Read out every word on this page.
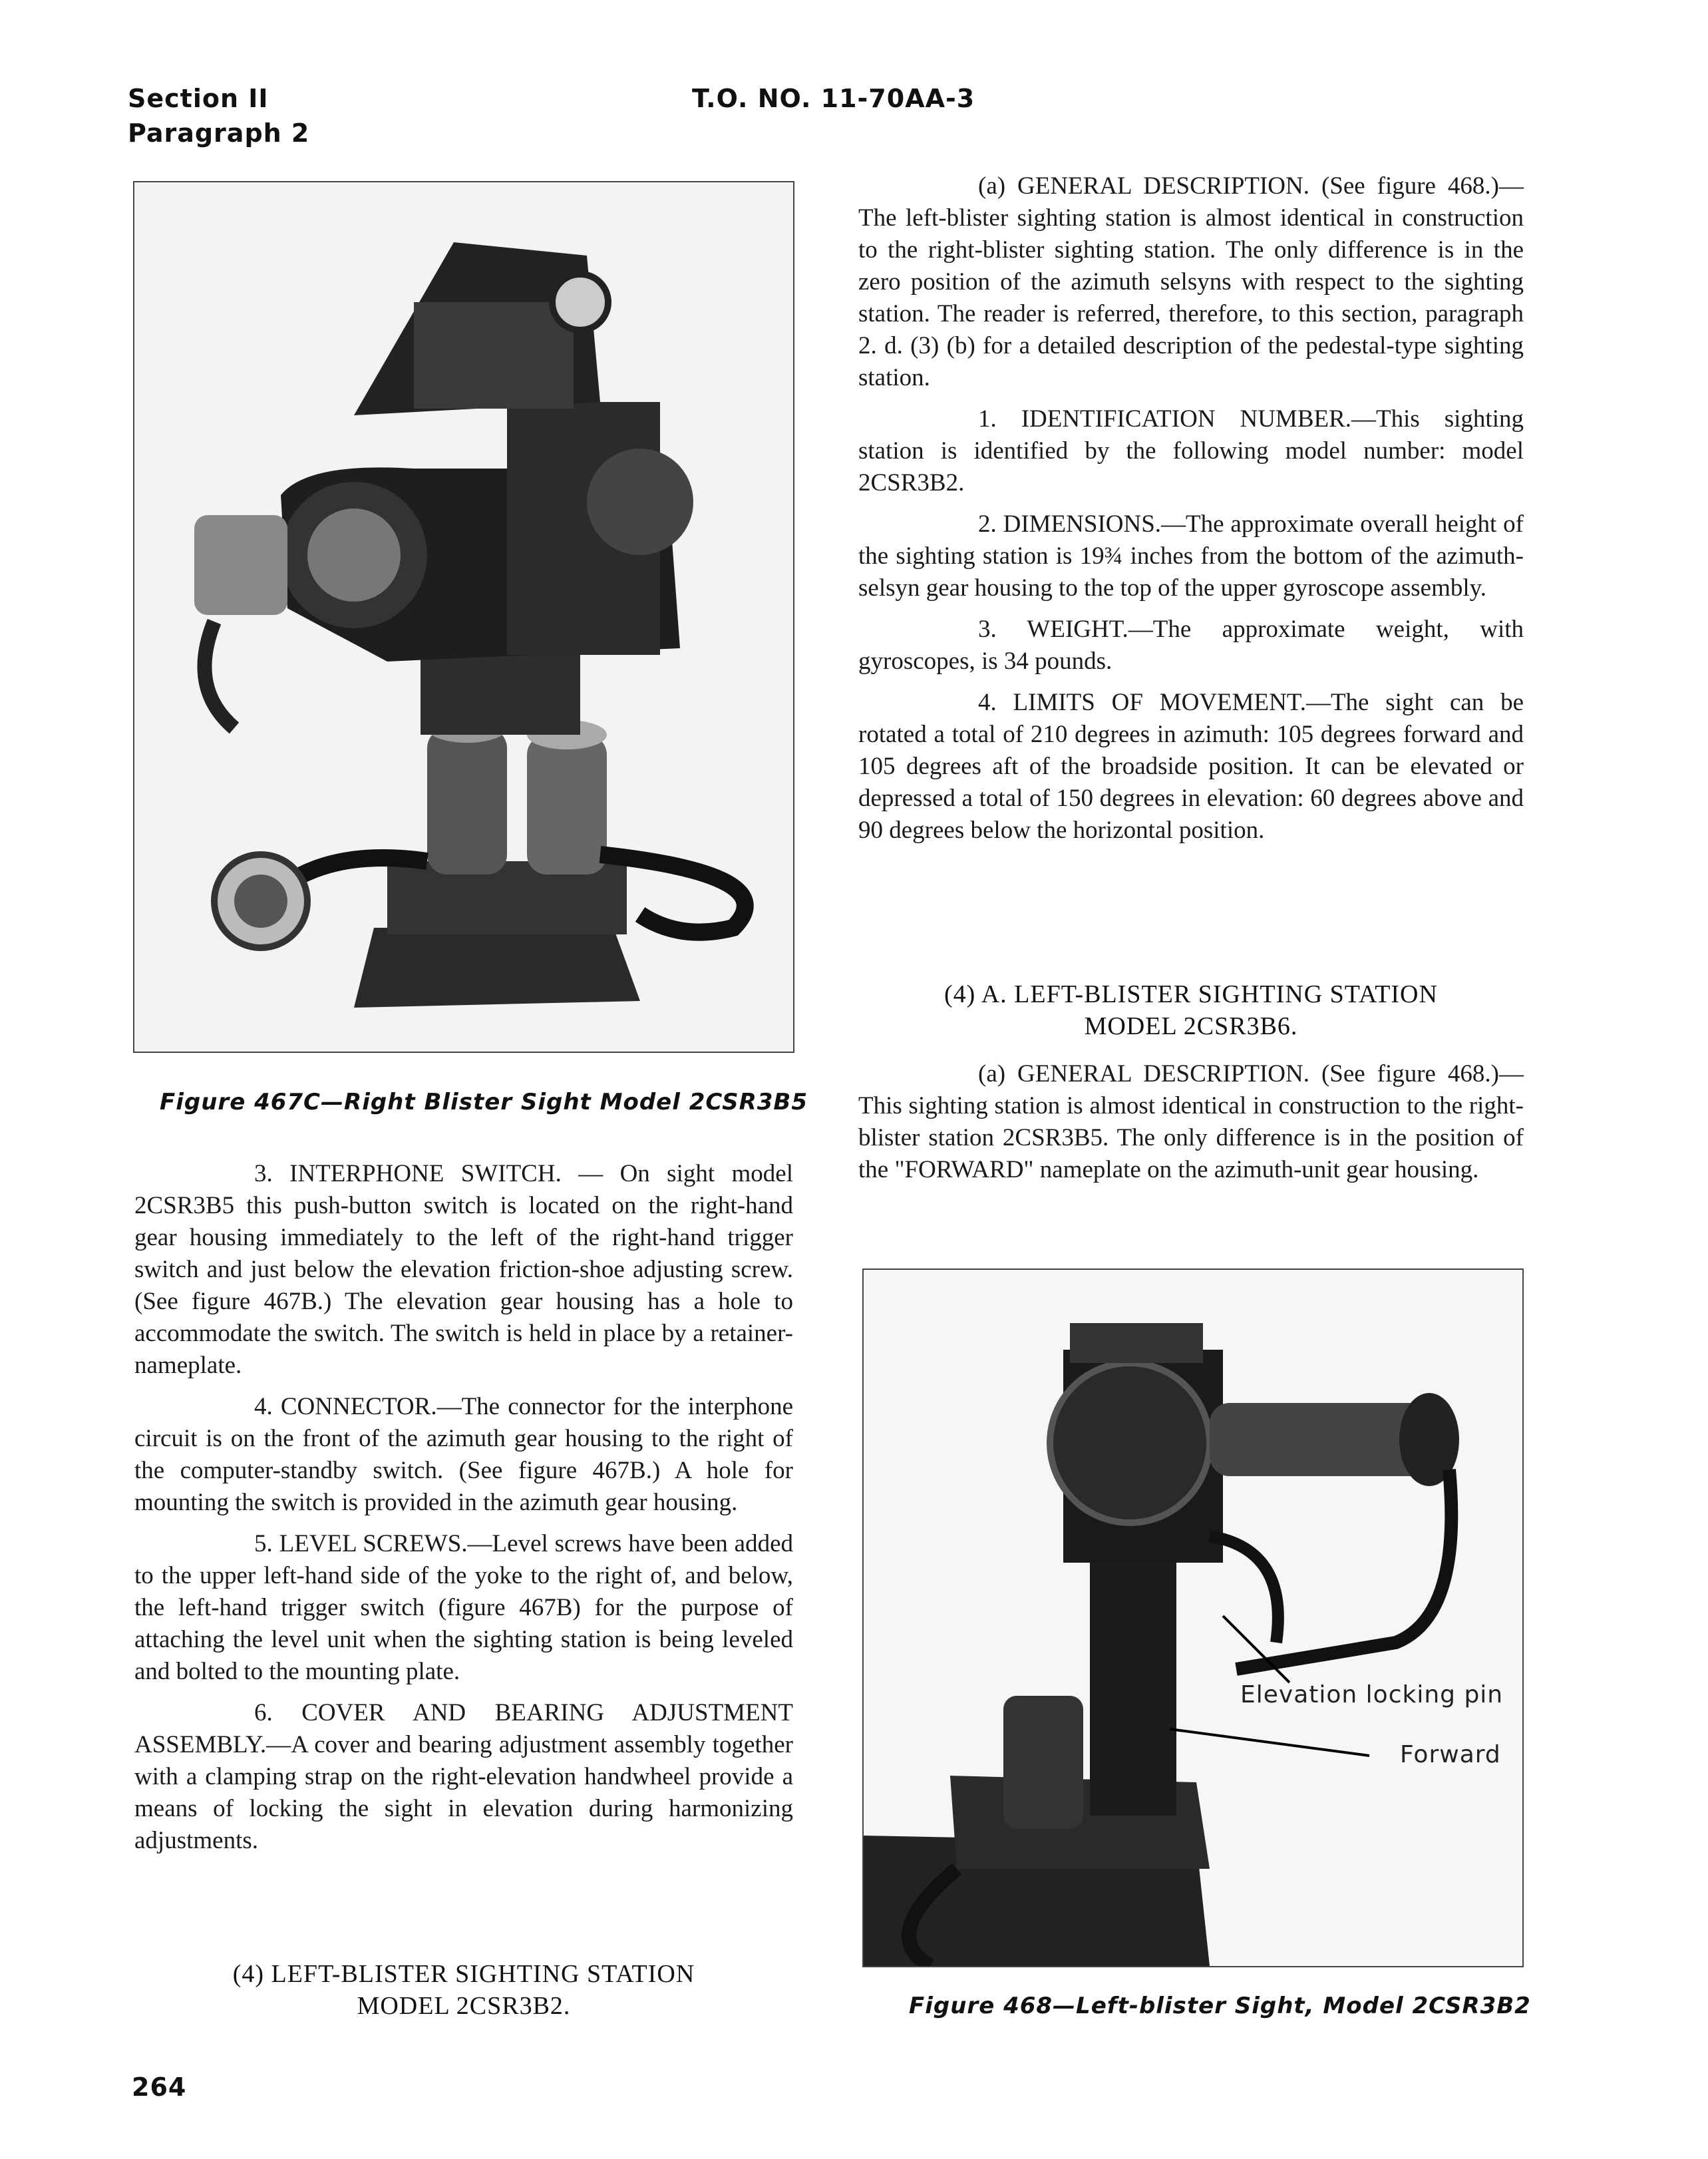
Section II
Paragraph 2
T.O. NO. 11-70AA-3
Figure 467C—Right Blister Sight Model 2CSR3B5

3. INTERPHONE SWITCH. — On sight model 2CSR3B5 this push-button switch is located on the right-hand gear housing immediately to the left of the right-hand trigger switch and just below the elevation friction-shoe adjusting screw. (See figure 467B.) The elevation gear housing has a hole to accommodate the switch. The switch is held in place by a retainer-nameplate.

4. CONNECTOR.—The connector for the interphone circuit is on the front of the azimuth gear housing to the right of the computer-standby switch. (See figure 467B.) A hole for mounting the switch is provided in the azimuth gear housing.

5. LEVEL SCREWS.—Level screws have been added to the upper left-hand side of the yoke to the right of, and below, the left-hand trigger switch (figure 467B) for the purpose of attaching the level unit when the sighting station is being leveled and bolted to the mounting plate.

6. COVER AND BEARING ADJUSTMENT ASSEMBLY.—A cover and bearing adjustment assembly together with a clamping strap on the right-elevation handwheel provide a means of locking the sight in elevation during harmonizing adjustments.

(4) LEFT-BLISTER SIGHTING STATION
MODEL 2CSR3B2.

(a) GENERAL DESCRIPTION. (See figure 468.)—The left-blister sighting station is almost identical in construction to the right-blister sighting station. The only difference is in the zero position of the azimuth selsyns with respect to the sighting station. The reader is referred, therefore, to this section, paragraph 2. d. (3) (b) for a detailed description of the pedestal-type sighting station.

1. IDENTIFICATION NUMBER.—This sighting station is identified by the following model number: model 2CSR3B2.

2. DIMENSIONS.—The approximate overall height of the sighting station is 19¾ inches from the bottom of the azimuth-selsyn gear housing to the top of the upper gyroscope assembly.

3. WEIGHT.—The approximate weight, with gyroscopes, is 34 pounds.

4. LIMITS OF MOVEMENT.—The sight can be rotated a total of 210 degrees in azimuth: 105 degrees forward and 105 degrees aft of the broadside position. It can be elevated or depressed a total of 150 degrees in elevation: 60 degrees above and 90 degrees below the horizontal position.

(4) A. LEFT-BLISTER SIGHTING STATION
MODEL 2CSR3B6.

(a) GENERAL DESCRIPTION. (See figure 468.)—This sighting station is almost identical in construction to the right-blister station 2CSR3B5. The only difference is in the position of the "FORWARD" nameplate on the azimuth-unit gear housing.

Elevation locking pin
Forward
Figure 468—Left-blister Sight, Model 2CSR3B2
264
